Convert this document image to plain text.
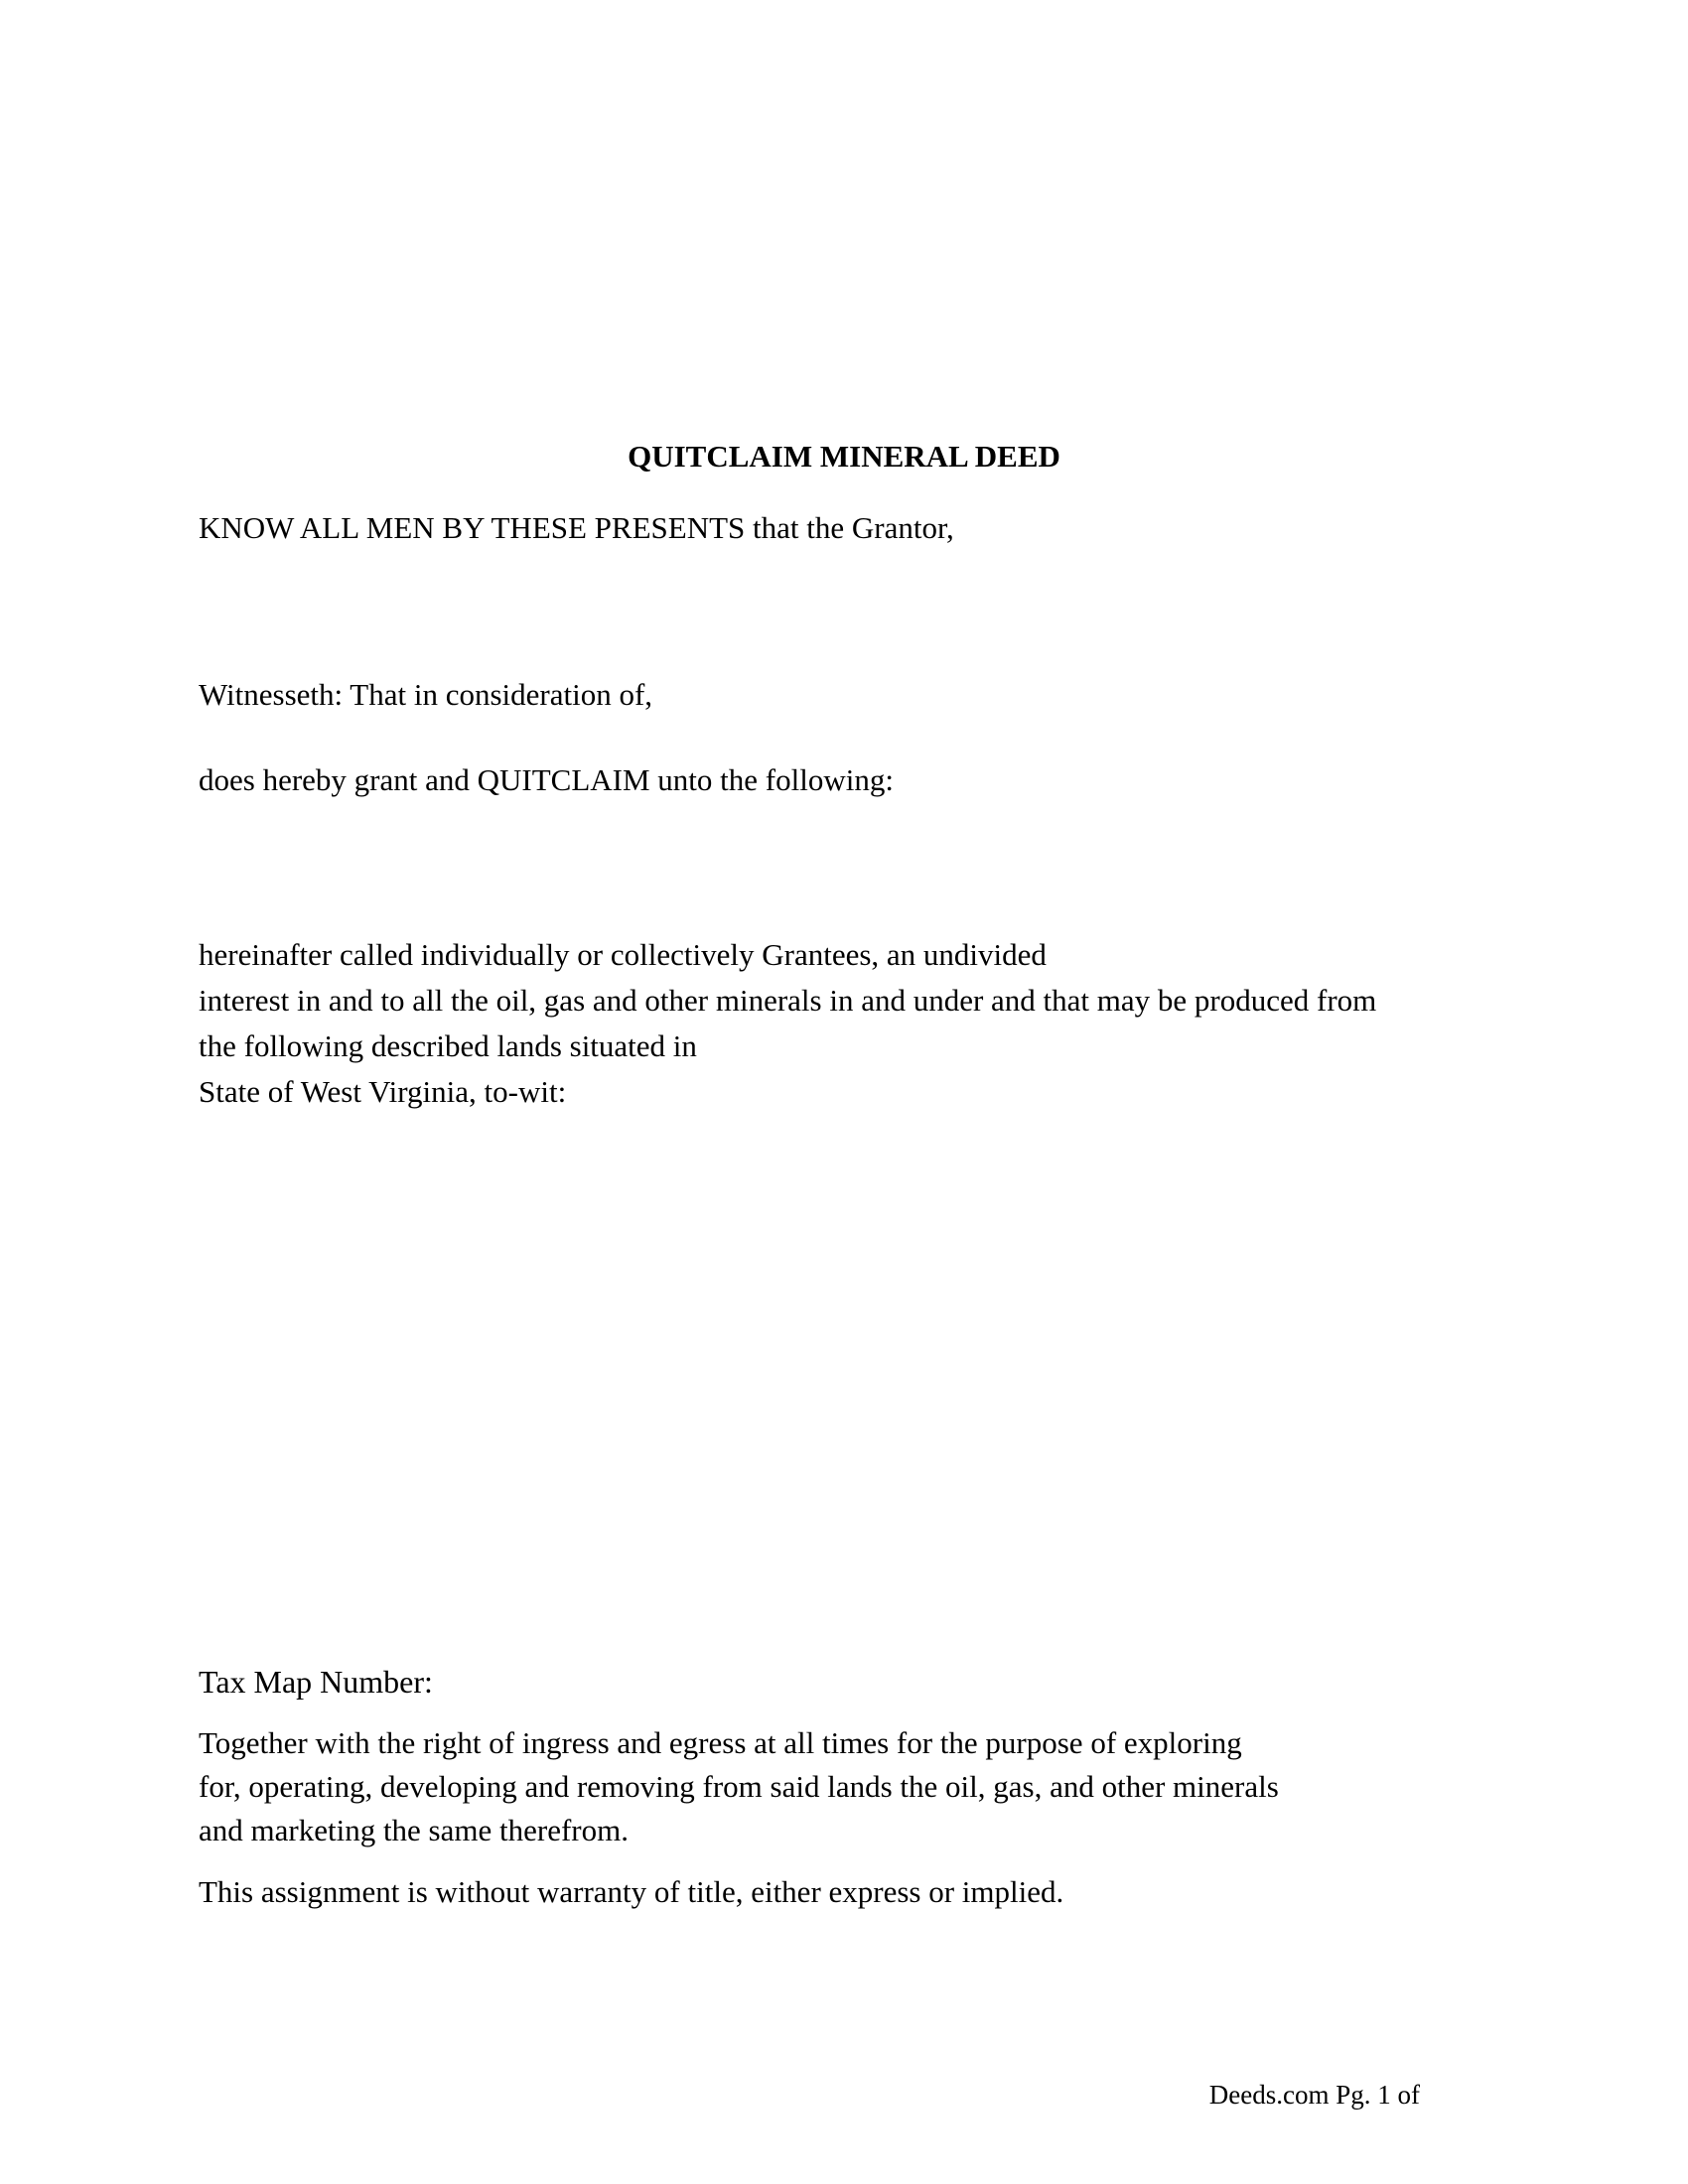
QUITCLAIM MINERAL DEED
KNOW ALL MEN BY THESE PRESENTS that the Grantor,
Witnesseth: That in consideration of,
does hereby grant and QUITCLAIM unto the following:
hereinafter called individually or collectively Grantees, an undivided
interest in and to all the oil, gas and other minerals in and under and that may be produced from
the following described lands situated in
State of West Virginia, to-wit:
Tax Map Number:
Together with the right of ingress and egress at all times for the purpose of exploring
for, operating, developing and removing from said lands the oil, gas, and other minerals
and marketing the same therefrom.
This assignment is without warranty of title, either express or implied.
Deeds.com Pg. 1 of
